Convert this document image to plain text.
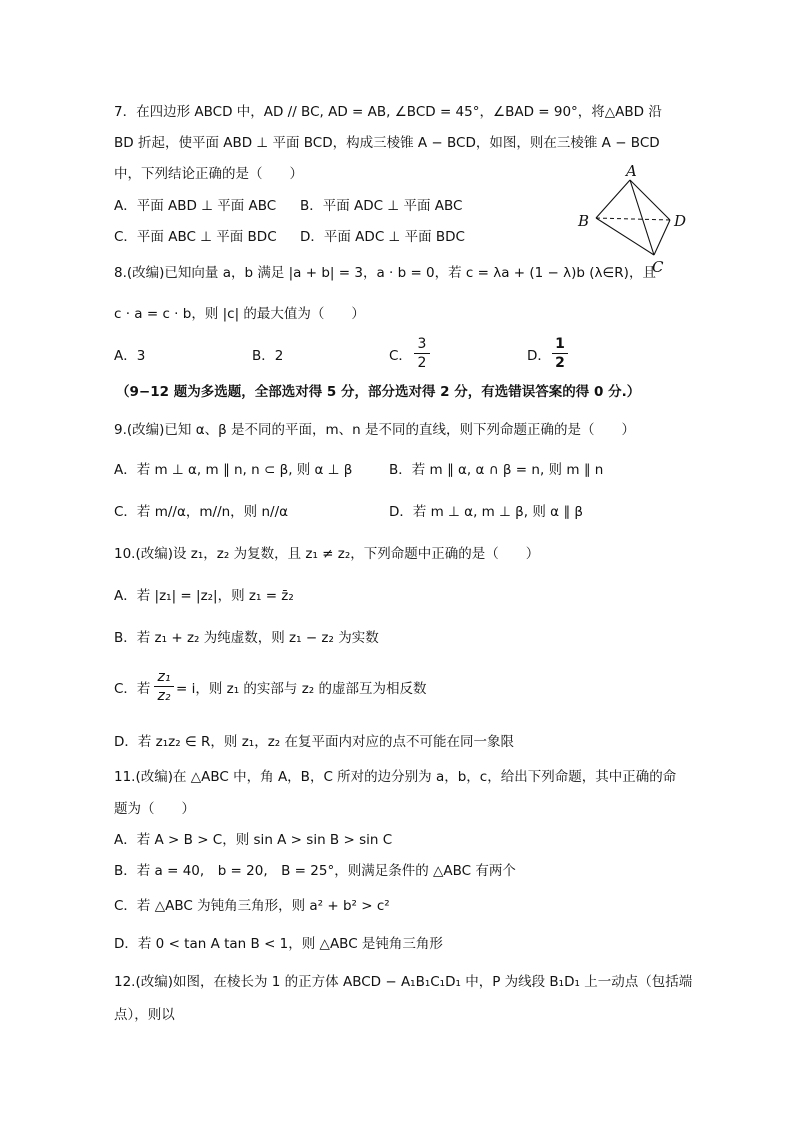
7．在四边形 ABCD 中，AD // BC, AD = AB, ∠BCD = 45°，∠BAD = 90°，将△ABD 沿
BD 折起，使平面 ABD ⊥ 平面 BCD，构成三棱锥 A − BCD，如图，则在三棱锥 A − BCD
中，下列结论正确的是（　　）
A．平面 ABD ⊥ 平面 ABC B．平面 ADC ⊥ 平面 ABC
C．平面 ABC ⊥ 平面 BDC D．平面 ADC ⊥ 平面 BDC
A
B
C
D
8.(改编)已知向量 a，b 满足 |a + b| = 3，a · b = 0，若 c = λa + (1 − λ)b (λ∈R)，且
c · a = c · b，则 |c| 的最大值为（　　）
A．3	B．2	C．
3
2	D．
1
2
（9−12 题为多选题，全部选对得 5 分，部分选对得 2 分，有选错误答案的得 0 分.）
9.(改编)已知 α、β 是不同的平面，m、n 是不同的直线，则下列命题正确的是（　　）
A．若 m ⊥ α, m ∥ n, n ⊂ β, 则 α ⊥ β	B．若 m ∥ α, α ∩ β = n, 则 m ∥ n
C．若 m//α，m//n，则 n//α	D．若 m ⊥ α, m ⊥ β, 则 α ∥ β
10.(改编)设 z₁，z₂ 为复数，且 z₁ ≠ z₂，下列命题中正确的是（　　）
A．若 |z₁| = |z₂|，则 z₁ = z̄₂
B．若 z₁ + z₂ 为纯虚数，则 z₁ − z₂ 为实数
C．若
z₁
z₂ = i，则 z₁ 的实部与 z₂ 的虚部互为相反数
D．若 z₁z₂ ∈ R，则 z₁，z₂ 在复平面内对应的点不可能在同一象限
11.(改编)在 △ABC 中，角 A，B，C 所对的边分别为 a，b，c，给出下列命题，其中正确的命
题为（　　）
A．若 A > B > C，则 sin A > sin B > sin C
B．若 a = 40,　b = 20,　B = 25°，则满足条件的 △ABC 有两个
C．若 △ABC 为钝角三角形，则 a² + b² > c²
D．若 0 < tan A tan B < 1，则 △ABC 是钝角三角形
12.(改编)如图，在棱长为 1 的正方体 ABCD − A₁B₁C₁D₁ 中，P 为线段 B₁D₁ 上一动点（包括端
点），则以
